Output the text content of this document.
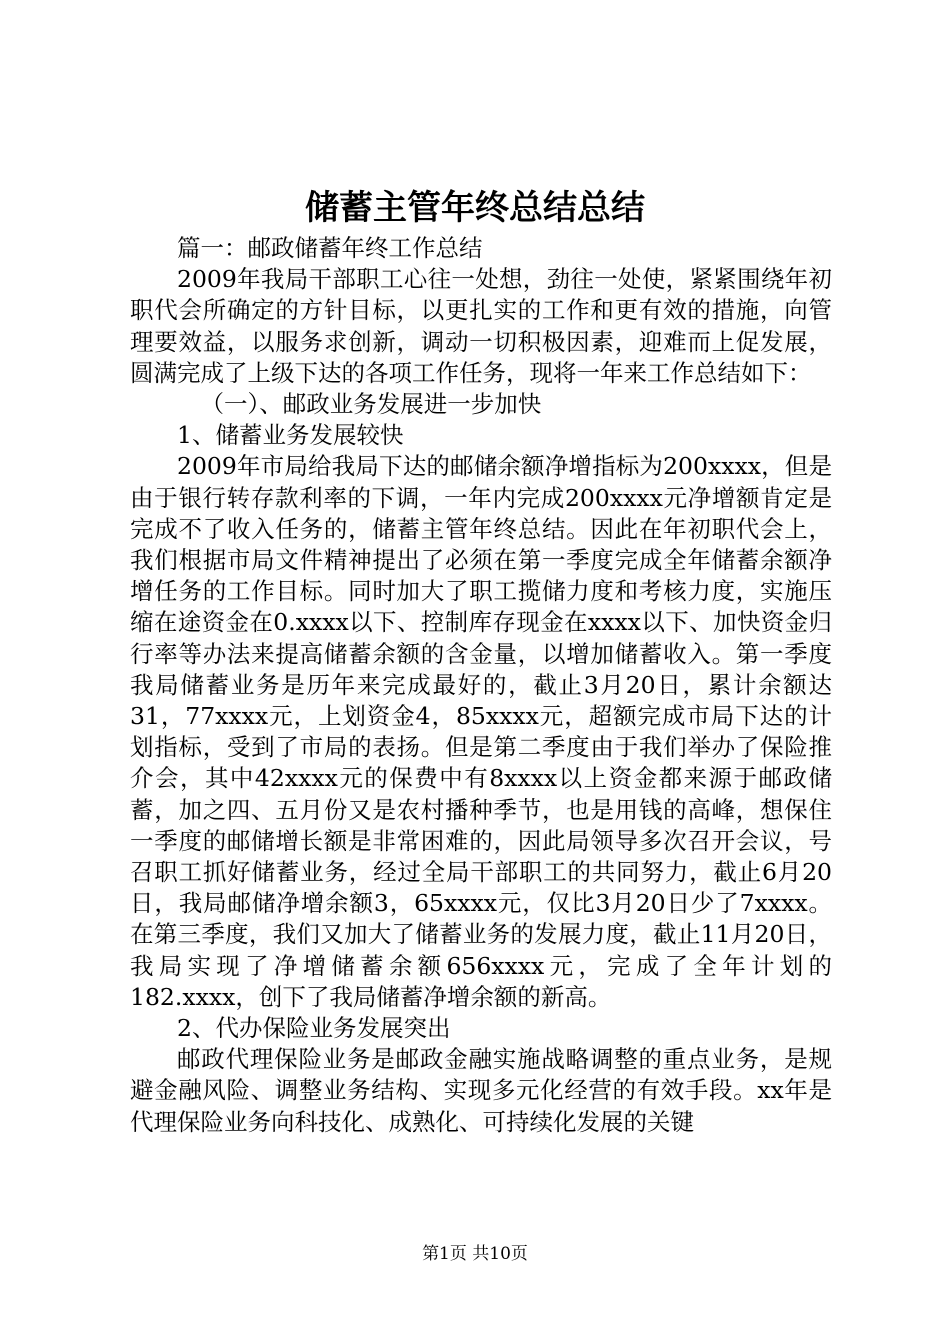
储蓄主管年终总结总结

篇一：邮政储蓄年终工作总结

2009年我局干部职工心往一处想，劲往一处使，紧紧围绕年初职代会所确定的方针目标，以更扎实的工作和更有效的措施，向管理要效益，以服务求创新，调动一切积极因素，迎难而上促发展，圆满完成了上级下达的各项工作任务，现将一年来工作总结如下：

（一）、邮政业务发展进一步加快

1、储蓄业务发展较快

2009年市局给我局下达的邮储余额净增指标为200xxxx，但是由于银行转存款利率的下调，一年内完成200xxxx元净增额肯定是完成不了收入任务的，储蓄主管年终总结。因此在年初职代会上，我们根据市局文件精神提出了必须在第一季度完成全年储蓄余额净增任务的工作目标。同时加大了职工揽储力度和考核力度，实施压缩在途资金在0.xxxx以下、控制库存现金在xxxx以下、加快资金归行率等办法来提高储蓄余额的含金量，以增加储蓄收入。第一季度我局储蓄业务是历年来完成最好的，截止3月20日，累计余额达31，77xxxx元，上划资金4，85xxxx元，超额完成市局下达的计划指标，受到了市局的表扬。但是第二季度由于我们举办了保险推介会，其中42xxxx元的保费中有8xxxx以上资金都来源于邮政储蓄，加之四、五月份又是农村播种季节，也是用钱的高峰，想保住一季度的邮储增长额是非常困难的，因此局领导多次召开会议，号召职工抓好储蓄业务，经过全局干部职工的共同努力，截止6月20日，我局邮储净增余额3，65xxxx元，仅比3月20日少了7xxxx。在第三季度，我们又加大了储蓄业务的发展力度，截止11月20日，我局实现了净增储蓄余额656xxxx元，完成了全年计划的182.xxxx，创下了我局储蓄净增余额的新高。

2、代办保险业务发展突出

邮政代理保险业务是邮政金融实施战略调整的重点业务，是规避金融风险、调整业务结构、实现多元化经营的有效手段。xx年是代理保险业务向科技化、成熟化、可持续化发展的关键

第1页 共10页
